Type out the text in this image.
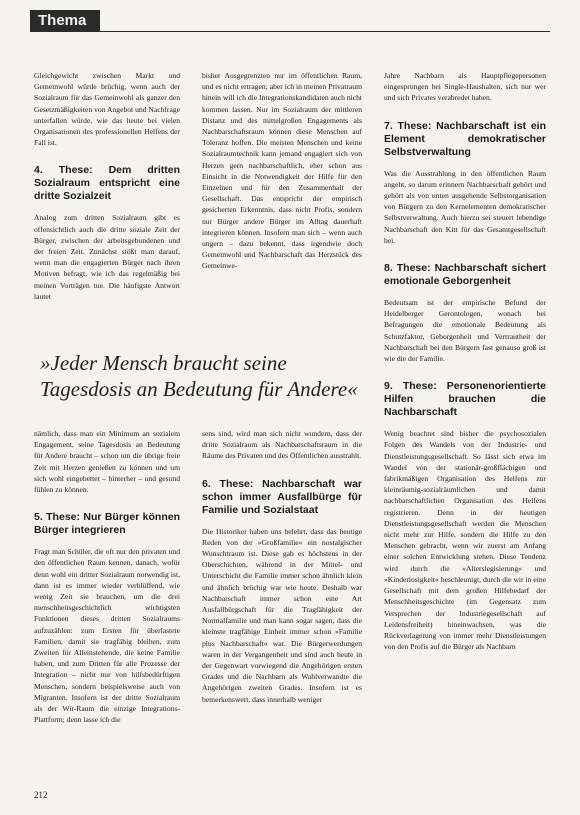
Thema

Gleichgewicht zwischen Markt und Gemeinwohl würde brüchig, wenn auch der Sozialraum für das Gemeinwohl als ganzer den Gesetzmäßigkeiten von Angebot und Nachfrage unterfallen würde, wie das heute bei vielen Organisationen des professionellen Helfens der Fall ist.

4. These: Dem dritten Sozialraum entspricht eine dritte Sozialzeit

Analog zum dritten Sozialraum gibt es offensichtlich auch die dritte soziale Zeit der Bürger, zwischen der arbeitsgebundenen und der freien Zeit. Zunächst stößt man darauf, wenn man die engagierten Bürger nach ihren Motiven befragt, wie ich das regelmäßig bei meinen Vorträgen tue. Die häufigste Antwort lautet

bisher Ausgegrenzten nur im öffentlichen Raum, und es nicht ertragen; aber ich in meinen Privatraum hinein will ich die Integrationskandidaten auch nicht kommen lassen. Nur im Sozialraum der mittleren Distanz und des mittelgroßen Engagements als Nachbarschaftsraum können diese Menschen auf Toleranz hoffen. Die meisten Menschen und keine Sozialraumtechnik kann jemand engagiert sich von Herzen gern nachbarschaftlich, eher schon aus Einsicht in die Notwendigkeit der Hilfe für den Einzelnen und für den Zusammenhalt der Gesellschaft. Das entspricht der empirisch gesicherten Erkenntnis, dass nicht Profis, sondern nur Bürger andere Bürger im Alltag dauerhaft integrieren können. Insofern man sich – wenn auch ungern – dazu bekennt, dass irgendwie doch Gemeinwohl und Nachbarschaft das Herzstück des Gemeinwe-

Jahre Nachbarn als Hauptpflegepersonen eingesprungen bei Single-Haushalten, sich nur wer und sich Privates verabredet haben.

7. These: Nachbarschaft ist ein Element demokratischer Selbstverwaltung

Was die Ausstrahlung in den öffentlichen Raum angeht, so darum erinnern Nachbarschaft gehört und gehört als von unten ausgehende Selbstorganisation von Bürgern zu den Kernelementen demokratischer Selbstverwaltung. Auch hierzu sei steuert lebendige Nachbarschaft den Kitt für das Gesamtgesellschaft bei.

8. These: Nachbarschaft sichert emotionale Geborgenheit

Bedeutsam ist der empirische Befund der Heidelberger Gerontologen, wonach bei Befragungen die emotionale Bedeutung als Schutzfaktor, Geborgenheit und Vertrautheit der Nachbarschaft bei den Bürgern fast genauso groß ist wie die der Familie.

9. These: Personenorientierte Hilfen brauchen die Nachbarschaft

Wenig beachtet sind bisher die psychosozialen Folgen des Wandels von der Industrie- und Dienstleistungsgesellschaft. So lässt sich etwa im Wandel von der stationär-großflächigen und fabrikmäßigen Organisation des Helfens zur kleinräumig-sozialräumlichen und damit nachbarschaftlichen Organisation des Helfens registrieren. Denn in der heutigen Dienstleistungsgesellschaft werden die Menschen nicht mehr zur Hilfe, sondern die Hilfe zu den Menschen gebracht, wenn wir zuerst am Anfang einer solchen Entwicklung stehen. Diese Tendenz wird durch die »Alterslegisierung« und »Kinderlosigkeit« beschleunigt, durch die wir in eine Gesellschaft mit dem großen Hilfebedarf der Menschheitsgeschichte (im Gegensatz zum Versprechen der Industriegesellschaft auf Leidensfreiheit) hineinwachsen, was die Rückverlagerung von immer mehr Dienstleistungen von den Profis auf die Bürger als Nachbarn

»Jeder Mensch braucht seine Tagesdosis an Bedeutung für Andere«

nämlich, dass man ein Minimum an sozialem Engagement, seine Tagesdosis an Bedeutung für Andere braucht – schon um die übrige freie Zeit mit Herzen genießen zu können und um sich wohl eingebettet – hinterher – und gesund fühlen zu können.

5. These: Nur Bürger können Bürger integrieren

Fragt man Schüler, die oft nur den privaten und den öffentlichen Raum kennen, danach, wofür denn wohl ein dritter Sozialraum notwendig ist, dann ist es immer wieder verblüffend, wie wenig Zeit sie brauchen, um die drei menschheitsgeschichtlich wichtigsten Funktionen dieses dritten Sozialraums aufzuzählen: zum Ersten für überlastete Familien, damit sie tragfähig bleiben, zum Zweiten für Alleinstehende, die keine Familie haben, und zum Dritten für alle Prozesse der Integration – nicht nur von hilfsbedürftigen Menschen, sondern beispielsweise auch von Migranten. Insofern ist der dritte Sozialraum als der Wir-Raum die einzige Integrations-Plattform; denn lasse ich die

sens sind, wird man sich nicht wundern, dass der dritte Sozialraum als Nachbarschaftsraum in die Räume des Privaten und des Öffentlichen ausstrahlt.

6. These: Nachbarschaft war schon immer Ausfallbürge für Familie und Sozialstaat

Die Historiker haben uns belehrt, dass das heutige Reden von der »Großfamilie« ein nostalgischer Wunschtraum ist. Diese gab es höchstens in der Oberschichten, während in der Mittel- und Unterschicht die Familie immer schon ähnlich klein und ähnlich brüchig war wie heute. Deshalb war Nachbarschaft immer schon eine Art Ausfallbürgschaft für die Tragfähigkeit der Normalfamilie und man kann sogar sagen, dass die kleinste tragfähige Einheit immer schon »Familie plus Nachbarschaft« war. Die Bürgerwerdungen waren in der Vergangenheit und sind auch heute in der Gegenwart vorwiegend die Angehörigen ersten Grades und die Nachbarn als Wahlverwandte die Angehörigen zweiten Grades. Insofern ist es bemerkenswert, dass innerhalb weniger

212
